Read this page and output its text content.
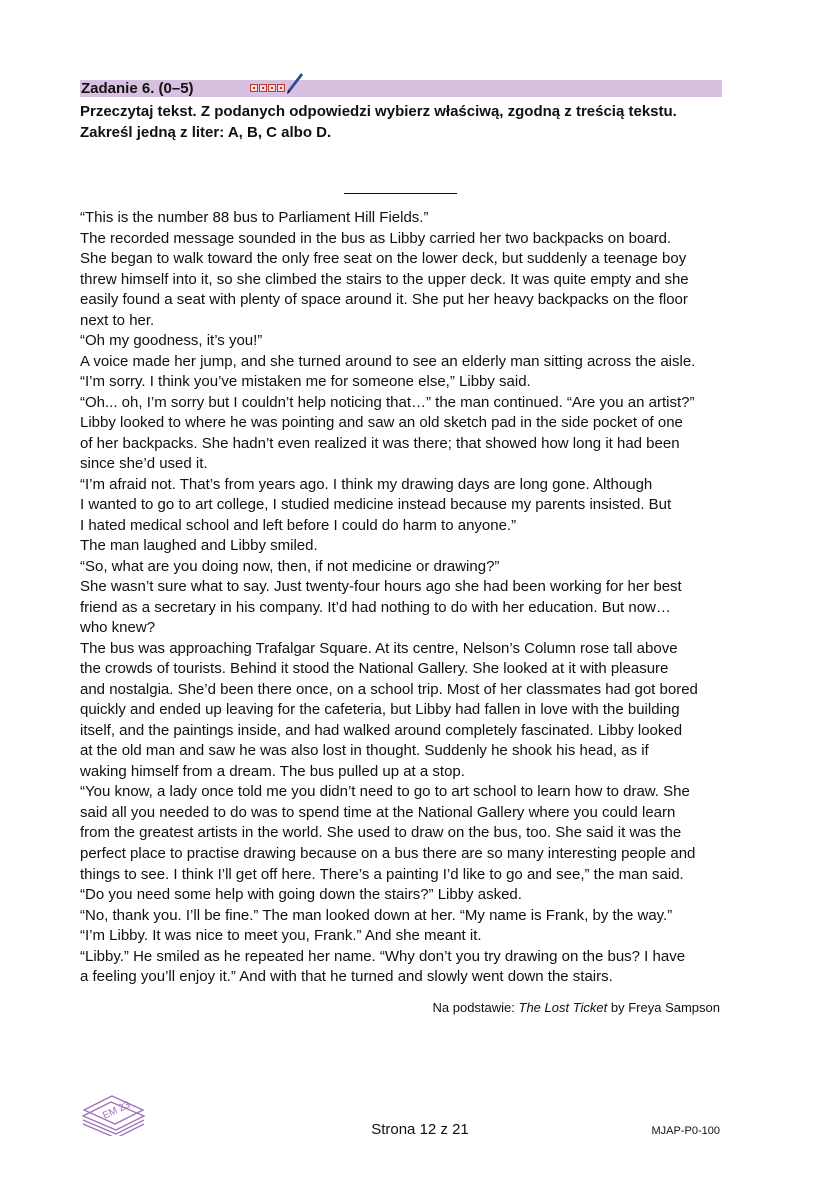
Zadanie 6. (0–5)
Przeczytaj tekst. Z podanych odpowiedzi wybierz właściwą, zgodną z treścią tekstu.
Zakreśl jedną z liter: A, B, C albo D.
“This is the number 88 bus to Parliament Hill Fields.”
The recorded message sounded in the bus as Libby carried her two backpacks on board.
She began to walk toward the only free seat on the lower deck, but suddenly a teenage boy
threw himself into it, so she climbed the stairs to the upper deck. It was quite empty and she
easily found a seat with plenty of space around it. She put her heavy backpacks on the floor
next to her.
“Oh my goodness, it’s you!”
A voice made her jump, and she turned around to see an elderly man sitting across the aisle.
“I’m sorry. I think you’ve mistaken me for someone else,” Libby said.
“Oh... oh, I’m sorry but I couldn’t help noticing that…” the man continued. “Are you an artist?”
Libby looked to where he was pointing and saw an old sketch pad in the side pocket of one
of her backpacks. She hadn’t even realized it was there; that showed how long it had been
since she’d used it.
“I’m afraid not. That’s from years ago. I think my drawing days are long gone. Although
I wanted to go to art college, I studied medicine instead because my parents insisted. But
I hated medical school and left before I could do harm to anyone.”
The man laughed and Libby smiled.
“So, what are you doing now, then, if not medicine or drawing?”
She wasn’t sure what to say. Just twenty-four hours ago she had been working for her best
friend as a secretary in his company. It’d had nothing to do with her education. But now…
who knew?
The bus was approaching Trafalgar Square. At its centre, Nelson’s Column rose tall above
the crowds of tourists. Behind it stood the National Gallery. She looked at it with pleasure
and nostalgia. She’d been there once, on a school trip. Most of her classmates had got bored
quickly and ended up leaving for the cafeteria, but Libby had fallen in love with the building
itself, and the paintings inside, and had walked around completely fascinated. Libby looked
at the old man and saw he was also lost in thought. Suddenly he shook his head, as if
waking himself from a dream. The bus pulled up at a stop.
“You know, a lady once told me you didn’t need to go to art school to learn how to draw. She
said all you needed to do was to spend time at the National Gallery where you could learn
from the greatest artists in the world. She used to draw on the bus, too. She said it was the
perfect place to practise drawing because on a bus there are so many interesting people and
things to see. I think I’ll get off here. There’s a painting I’d like to go and see,” the man said.
“Do you need some help with going down the stairs?” Libby asked.
“No, thank you. I’ll be fine.” The man looked down at her. “My name is Frank, by the way.”
“I’m Libby. It was nice to meet you, Frank.” And she meant it.
“Libby.” He smiled as he repeated her name. “Why don’t you try drawing on the bus? I have
a feeling you’ll enjoy it.” And with that he turned and slowly went down the stairs.
Na podstawie: The Lost Ticket by Freya Sampson
EM 23
Strona 12 z 21	MJAP-P0-100
